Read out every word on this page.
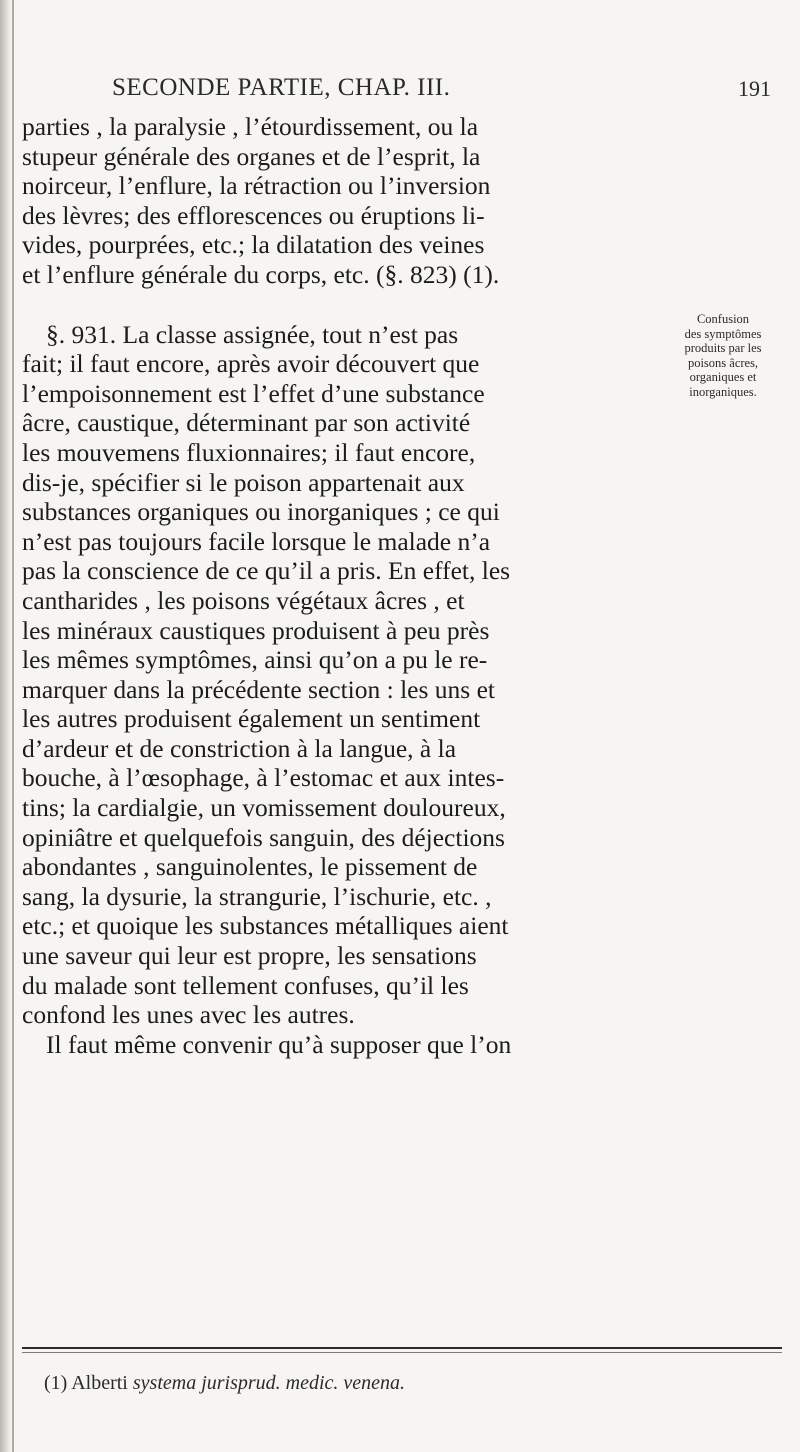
SECONDE PARTIE, CHAP. III.	191
parties , la paralysie , l’étourdissement, ou la
stupeur générale des organes et de l’esprit, la
noirceur, l’enflure, la rétraction ou l’inversion
des lèvres; des efflorescences ou éruptions li-
vides, pourprées, etc.; la dilatation des veines
et l’enflure générale du corps, etc. (§. 823) (1).
§. 931. La classe assignée, tout n’est pas
fait; il faut encore, après avoir découvert que
l’empoisonnement est l’effet d’une substance
âcre, caustique, déterminant par son activité
les mouvemens fluxionnaires; il faut encore,
dis-je, spécifier si le poison appartenait aux
substances organiques ou inorganiques ; ce qui
n’est pas toujours facile lorsque le malade n’a
pas la conscience de ce qu’il a pris. En effet, les
cantharides , les poisons végétaux âcres , et
les minéraux caustiques produisent à peu près
les mêmes symptômes, ainsi qu’on a pu le re-
marquer dans la précédente section : les uns et
les autres produisent également un sentiment
d’ardeur et de constriction à la langue, à la
bouche, à l’œsophage, à l’estomac et aux intes-
tins; la cardialgie, un vomissement douloureux,
opiniâtre et quelquefois sanguin, des déjections
abondantes , sanguinolentes, le pissement de
sang, la dysurie, la strangurie, l’ischurie, etc. ,
etc.; et quoique les substances métalliques aient
une saveur qui leur est propre, les sensations
du malade sont tellement confuses, qu’il les
confond les unes avec les autres.
Il faut même convenir qu’à supposer que l’on
Confusion
des symptômes
produits par les
poisons âcres,
organiques et
inorganiques.
(1) Alberti systema jurisprud. medic. venena.
